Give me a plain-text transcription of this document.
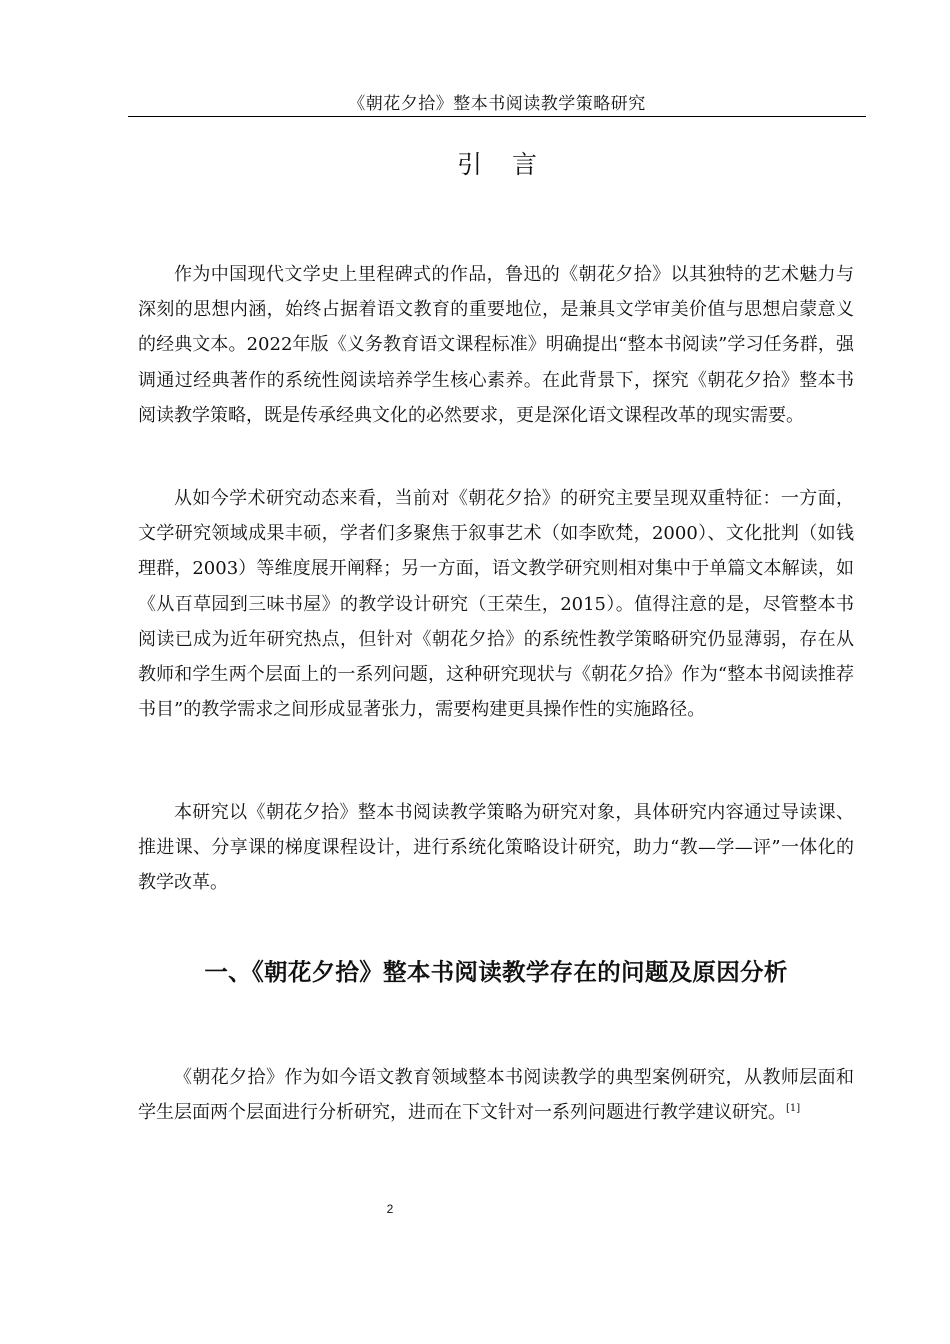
《朝花夕拾》整本书阅读教学策略研究
引言

作为中国现代文学史上里程碑式的作品，鲁迅的《朝花夕拾》以其独特的艺术魅力与深刻的思想内涵，始终占据着语文教育的重要地位，是兼具文学审美价值与思想启蒙意义的经典文本。2022年版《义务教育语文课程标准》明确提出“整本书阅读”学习任务群，强调通过经典著作的系统性阅读培养学生核心素养。在此背景下，探究《朝花夕拾》整本书阅读教学策略，既是传承经典文化的必然要求，更是深化语文课程改革的现实需要。

从如今学术研究动态来看，当前对《朝花夕拾》的研究主要呈现双重特征：一方面，文学研究领域成果丰硕，学者们多聚焦于叙事艺术（如李欧梵，2000）、文化批判（如钱理群，2003）等维度展开阐释；另一方面，语文教学研究则相对集中于单篇文本解读，如《从百草园到三味书屋》的教学设计研究（王荣生，2015）。值得注意的是，尽管整本书阅读已成为近年研究热点，但针对《朝花夕拾》的系统性教学策略研究仍显薄弱，存在从教师和学生两个层面上的一系列问题，这种研究现状与《朝花夕拾》作为“整本书阅读推荐书目”的教学需求之间形成显著张力，需要构建更具操作性的实施路径。

本研究以《朝花夕拾》整本书阅读教学策略为研究对象，具体研究内容通过导读课、推进课、分享课的梯度课程设计，进行系统化策略设计研究，助力“教—学—评”一体化的教学改革。

一、《朝花夕拾》整本书阅读教学存在的问题及原因分析

《朝花夕拾》作为如今语文教育领域整本书阅读教学的典型案例研究，从教师层面和学生层面两个层面进行分析研究，进而在下文针对一系列问题进行教学建议研究。[1]

2
